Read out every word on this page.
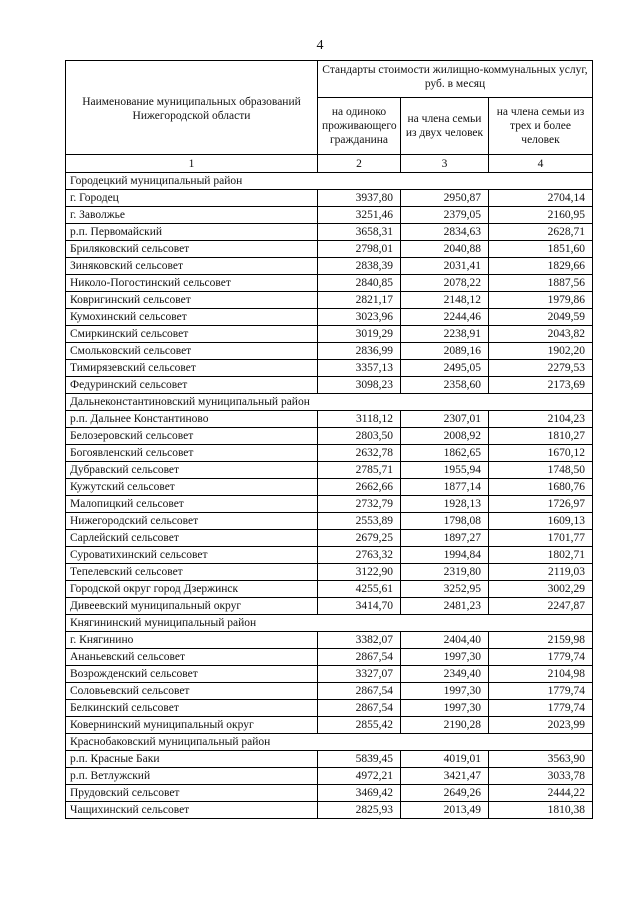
4
Наименование муниципальных образований Нижегородской области	Стандарты стоимости жилищно-коммунальных услуг, руб. в месяц		
	на одиноко проживающего гражданина	на члена семьи из двух человек	на члена семьи из трех и более человек
1	2	3	4
Городецкий муниципальный район			
г. Городец	3937,80	2950,87	2704,14
г. Заволжье	3251,46	2379,05	2160,95
р.п. Первомайский	3658,31	2834,63	2628,71
Бриляковский сельсовет	2798,01	2040,88	1851,60
Зиняковский сельсовет	2838,39	2031,41	1829,66
Николо-Погостинский сельсовет	2840,85	2078,22	1887,56
Ковригинский сельсовет	2821,17	2148,12	1979,86
Кумохинский сельсовет	3023,96	2244,46	2049,59
Смиркинский сельсовет	3019,29	2238,91	2043,82
Смольковский сельсовет	2836,99	2089,16	1902,20
Тимирязевский сельсовет	3357,13	2495,05	2279,53
Федуринский сельсовет	3098,23	2358,60	2173,69
Дальнеконстантиновский муниципальный район			
р.п. Дальнее Константиново	3118,12	2307,01	2104,23
Белозеровский сельсовет	2803,50	2008,92	1810,27
Богоявленский сельсовет	2632,78	1862,65	1670,12
Дубравский сельсовет	2785,71	1955,94	1748,50
Кужутский сельсовет	2662,66	1877,14	1680,76
Малопицкий сельсовет	2732,79	1928,13	1726,97
Нижегородский сельсовет	2553,89	1798,08	1609,13
Сарлейский сельсовет	2679,25	1897,27	1701,77
Суроватихинский сельсовет	2763,32	1994,84	1802,71
Тепелевский сельсовет	3122,90	2319,80	2119,03
Городской округ город Дзержинск	4255,61	3252,95	3002,29
Дивеевский муниципальный округ	3414,70	2481,23	2247,87
Княгининский муниципальный район			
г. Княгинино	3382,07	2404,40	2159,98
Ананьевский сельсовет	2867,54	1997,30	1779,74
Возрожденский сельсовет	3327,07	2349,40	2104,98
Соловьевский сельсовет	2867,54	1997,30	1779,74
Белкинский сельсовет	2867,54	1997,30	1779,74
Ковернинский муниципальный округ	2855,42	2190,28	2023,99
Краснобаковский муниципальный район			
р.п. Красные Баки	5839,45	4019,01	3563,90
р.п. Ветлужский	4972,21	3421,47	3033,78
Прудовский сельсовет	3469,42	2649,26	2444,22
Чащихинский сельсовет	2825,93	2013,49	1810,38
